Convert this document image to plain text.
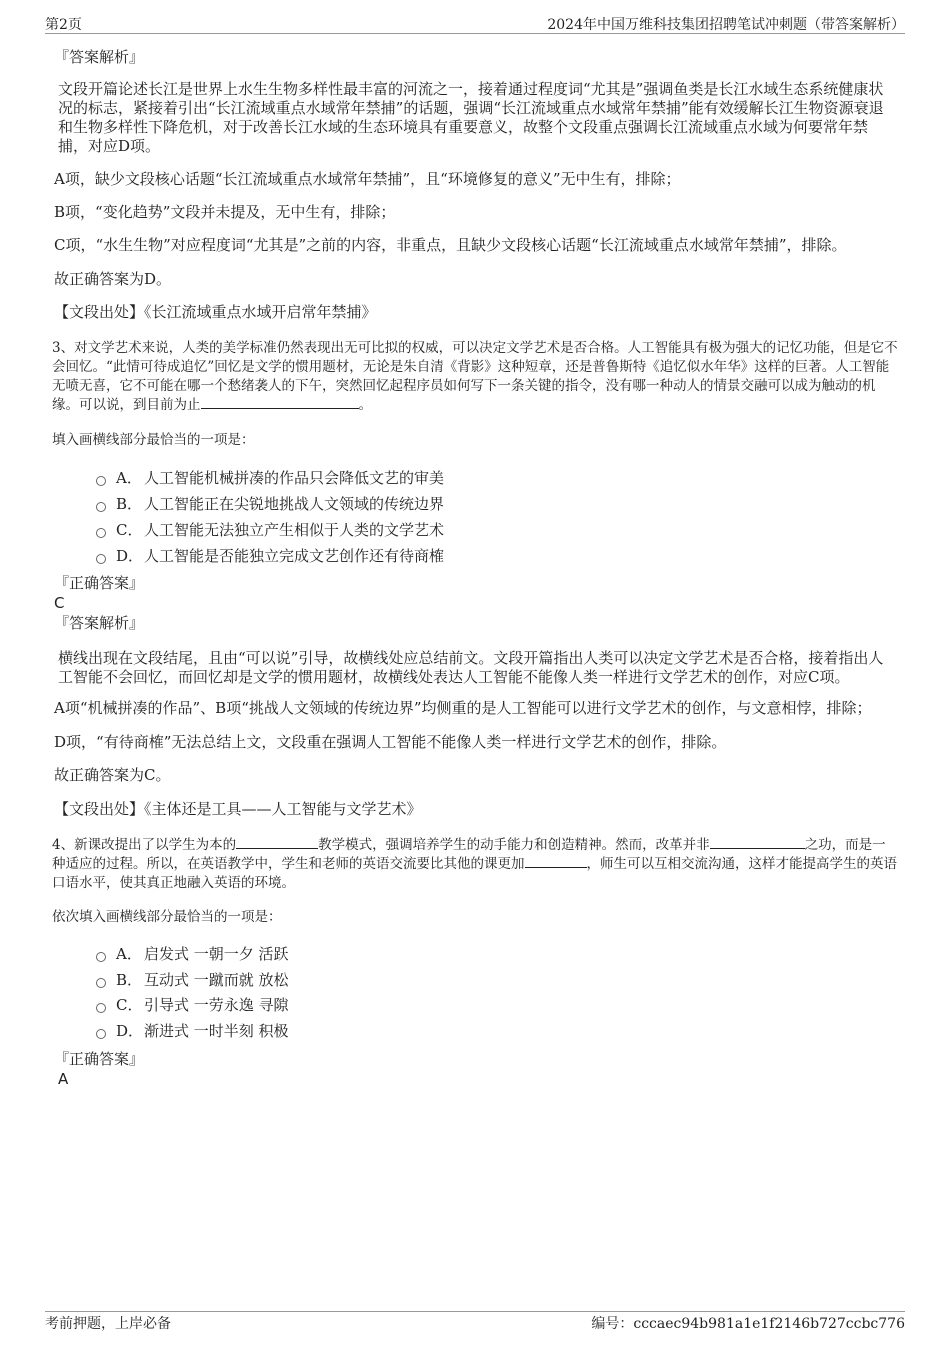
第2页	2024年中国万维科技集团招聘笔试冲刺题（带答案解析）
『答案解析』
文段开篇论述长江是世界上水生生物多样性最丰富的河流之一，接着通过程度词“尤其是”强调鱼类是长江水域生态系统健康状况的标志，紧接着引出“长江流域重点水域常年禁捕”的话题，强调“长江流域重点水域常年禁捕”能有效缓解长江生物资源衰退和生物多样性下降危机，对于改善长江水域的生态环境具有重要意义，故整个文段重点强调长江流域重点水域为何要常年禁捕，对应D项。
A项，缺少文段核心话题“长江流域重点水域常年禁捕”，且“环境修复的意义”无中生有，排除；
B项，“变化趋势”文段并未提及，无中生有，排除；
C项，“水生生物”对应程度词“尤其是”之前的内容，非重点，且缺少文段核心话题“长江流域重点水域常年禁捕”，排除。
故正确答案为D。
【文段出处】《长江流域重点水域开启常年禁捕》
3、对文学艺术来说，人类的美学标准仍然表现出无可比拟的权威，可以决定文学艺术是否合格。人工智能具有极为强大的记忆功能，但是它不会回忆。“此情可待成追忆”回忆是文学的惯用题材，无论是朱自清《背影》这种短章，还是普鲁斯特《追忆似水年华》这样的巨著。人工智能无喷无喜，它不可能在哪一个愁绪袭人的下午，突然回忆起程序员如何写下一条关键的指令，没有哪一种动人的情景交融可以成为触动的机缘。可以说，到目前为止	。
填入画横线部分最恰当的一项是：
A． 人工智能机械拼凑的作品只会降低文艺的审美
B． 人工智能正在尖锐地挑战人文领域的传统边界
C． 人工智能无法独立产生相似于人类的文学艺术
D．人工智能是否能独立完成文艺创作还有待商榷
『正确答案』
C
『答案解析』
横线出现在文段结尾，且由“可以说”引导，故横线处应总结前文。文段开篇指出人类可以决定文学艺术是否合格，接着指出人工智能不会回忆，而回忆却是文学的惯用题材，故横线处表达人工智能不能像人类一样进行文学艺术的创作，对应C项。
A项“机械拼凑的作品”、B项“挑战人文领域的传统边界”均侧重的是人工智能可以进行文学艺术的创作，与文意相悖，排除；
D项，“有待商榷”无法总结上文，文段重在强调人工智能不能像人类一样进行文学艺术的创作，排除。
故正确答案为C。
【文段出处】《主体还是工具——人工智能与文学艺术》
4、新课改提出了以学生为本的	教学模式，强调培养学生的动手能力和创造精神。然而，改革并非	之功，而是一种适应的过程。所以，在英语教学中，学生和老师的英语交流要比其他的课更加	，师生可以互相交流沟通，这样才能提高学生的英语口语水平，使其真正地融入英语的环境。
依次填入画横线部分最恰当的一项是：
A． 启发式 一朝一夕 活跃
B． 互动式 一蹴而就 放松
C． 引导式 一劳永逸 寻隙
D．渐进式 一时半刻 积极
『正确答案』
A
考前押题，上岸必备	编号：cccaec94b981a1e1f2146b727ccbc776
